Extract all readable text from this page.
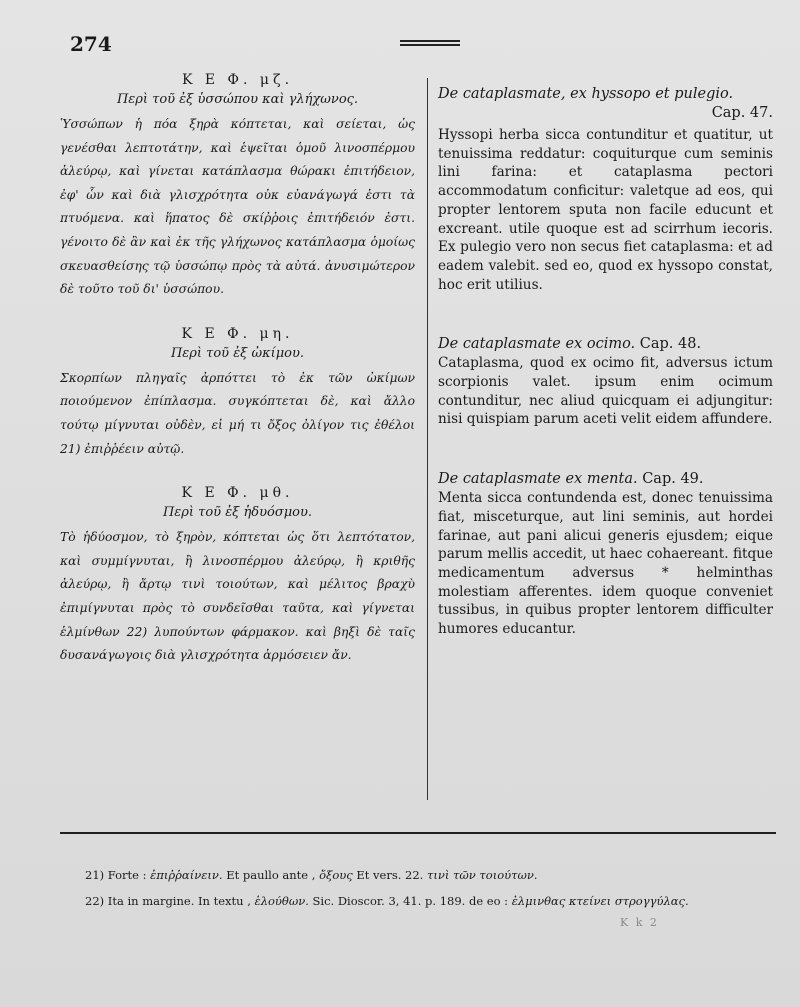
274

Κ Ε Φ. μζ.

Περὶ τοῦ ἐξ ὑσσώπου καὶ γλήχωνος.

Ὑσσώπων ἡ πόα ξηρὰ κόπτεται, καὶ σείεται, ὡς γενέσθαι λεπτοτάτην, καὶ ἑψεῖται ὁμοῦ λινοσπέρμου ἀλεύρῳ, καὶ γίνεται κατάπλασμα θώρακι ἐπιτήδειον, ἐφ' ὧν καὶ διὰ γλισχρότητα οὐκ εὐανάγωγά ἐστι τὰ πτυόμενα. καὶ ἥπατος δὲ σκίῤῥοις ἐπιτήδειόν ἐστι. γένοιτο δὲ ἂν καὶ ἐκ τῆς γλήχωνος κατάπλασμα ὁμοίως σκευασθείσης τῷ ὑσσώπῳ πρὸς τὰ αὐτά. ἀνυσιμώτερον δὲ τοῦτο τοῦ δι' ὑσσώπου.

Κ Ε Φ. μη.

Περὶ τοῦ ἐξ ὠκίμου.

Σκορπίων πληγαῖς ἀρπόττει τὸ ἐκ τῶν ὠκίμων ποιούμενον ἐπίπλασμα. συγκόπτεται δὲ, καὶ ἄλλο τούτῳ μίγνυται οὐδὲν, εἰ μή τι ὄξος ὀλίγον τις ἐθέλοι 21) ἐπιῤῥέειν αὐτῷ.

Κ Ε Φ. μθ.

Περὶ τοῦ ἐξ ἡδυόσμου.

Τὸ ἡδύοσμον, τὸ ξηρὸν, κόπτεται ὡς ὅτι λεπτότατον, καὶ συμμίγνυται, ἢ λινοσπέρμου ἀλεύρῳ, ἢ κριθῆς ἀλεύρῳ, ἢ ἄρτῳ τινὶ τοιούτων, καὶ μέλιτος βραχὺ ἐπιμίγνυται πρὸς τὸ συνδεῖσθαι ταῦτα, καὶ γίγνεται ἑλμίνθων 22) λυπούντων φάρμακον. καὶ βηξὶ δὲ ταῖς δυσανάγωγοις διὰ γλισχρότητα ἁρμόσειεν ἄν.

De cataplasmate, ex hyssopo et pulegio.

Cap. 47.

Hyssopi herba sicca contunditur et quatitur, ut tenuissima reddatur: coquiturque cum seminis lini farina: et cataplasma pectori accommodatum conficitur: valetque ad eos, qui propter lentorem sputa non facile educunt et excreant. utile quoque est ad scirrhum iecoris. Ex pulegio vero non secus fiet cataplasma: et ad eadem valebit. sed eo, quod ex hyssopo constat, hoc erit utilius.

De cataplasmate ex ocimo. Cap. 48.

Cataplasma, quod ex ocimo fit, adversus ictum scorpionis valet. ipsum enim ocimum contunditur, nec aliud quicquam ei adjungitur: nisi quispiam parum aceti velit eidem affundere.

De cataplasmate ex menta. Cap. 49.

Menta sicca contundenda est, donec tenuissima fiat, misceturque, aut lini seminis, aut hordei farinae, aut pani alicui generis ejusdem; eique parum mellis accedit, ut haec cohaereant. fitque medicamentum adversus * helminthas molestiam afferentes. idem quoque conveniet tussibus, in quibus propter lentorem difficulter humores educantur.

21) Forte : ἐπιῤῥαίνειν. Et paullo ante , ὄξους Et vers. 22. τινὶ τῶν τοιούτων.

22) Ita in margine. In textu , ἑλούθων. Sic. Dioscor. 3, 41. p. 189. de eo : ἑλμινθας κτείνει στρογγύλας.

K k 2
